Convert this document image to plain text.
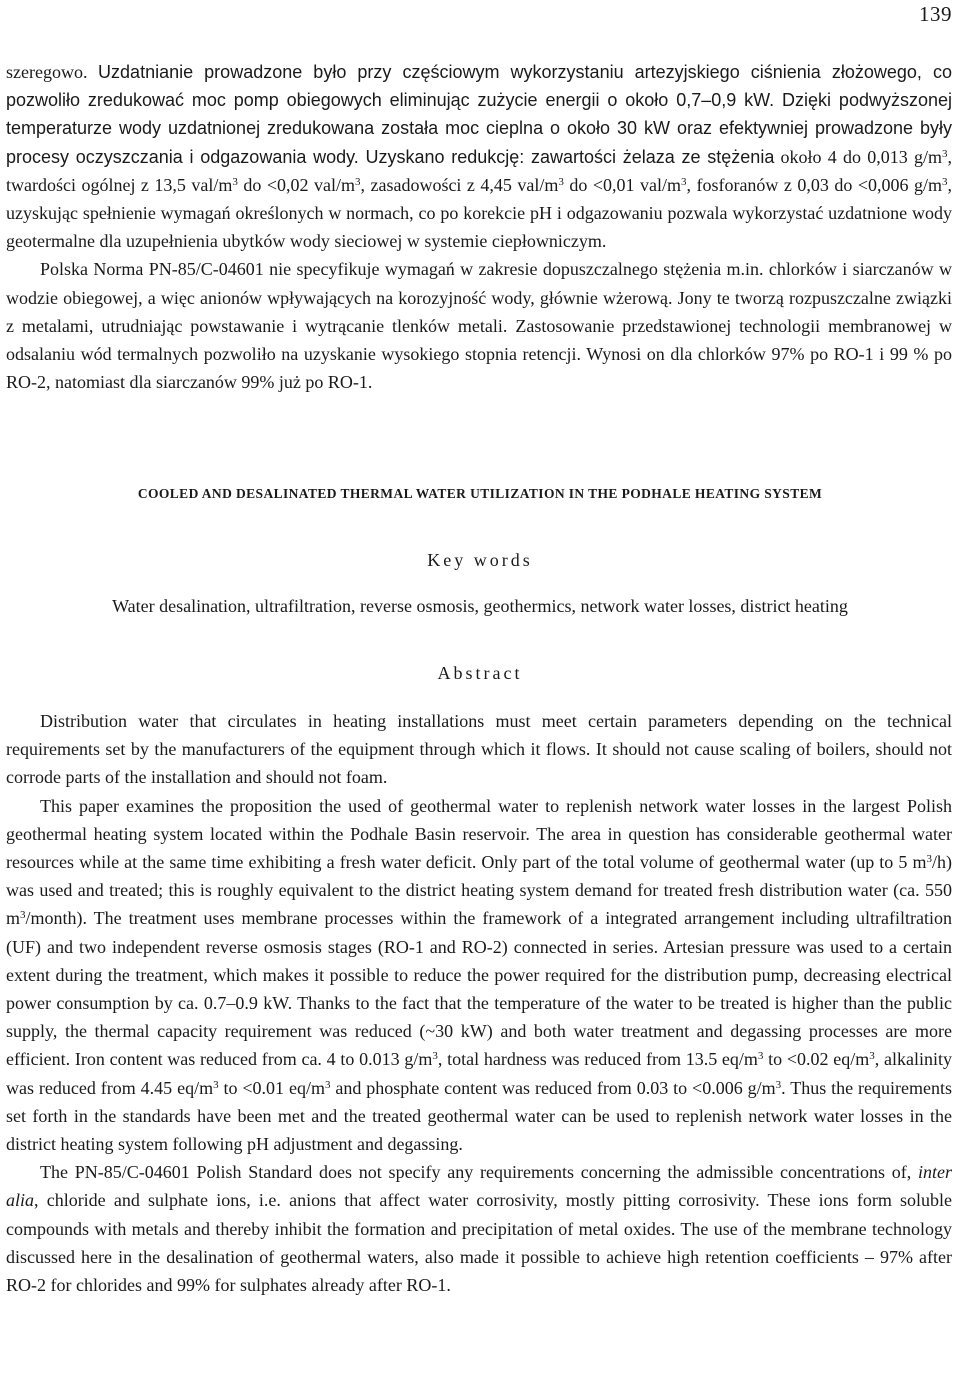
139

szeregowo. Uzdatnianie prowadzone było przy częściowym wykorzystaniu artezyjskiego ciśnienia złożowego, co pozwoliło zredukować moc pomp obiegowych eliminując zużycie energii o około 0,7–0,9 kW. Dzięki podwyższonej temperaturze wody uzdatnionej zredukowana została moc cieplna o około 30 kW oraz efektywniej prowadzone były procesy oczyszczania i odgazowania wody. Uzyskano redukcję: zawartości żelaza ze stężenia około 4 do 0,013 $g/m^3$, twardości ogólnej z 13,5 val/$m^3$ do <0,02 val/$m^3$, zasadowości z 4,45 val/$m^3$ do <0,01 val/$m^3$, fosforanów z 0,03 do <0,006 $g/m^3$, uzyskując spełnienie wymagań określonych w normach, co po korekcie pH i odgazowaniu pozwala wykorzystać uzdatnione wody geotermalne dla uzupełnienia ubytków wody sieciowej w systemie ciepłowniczym.

Polska Norma PN-85/C-04601 nie specyfikuje wymagań w zakresie dopuszczalnego stężenia m.in. chlorków i siarczanów w wodzie obiegowej, a więc anionów wpływających na korozyjność wody, głównie wżerową. Jony te tworzą rozpuszczalne związki z metalami, utrudniając powstawanie i wytrącanie tlenków metali. Zastosowanie przedstawionej technologii membranowej w odsalaniu wód termalnych pozwoliło na uzyskanie wysokiego stopnia retencji. Wynosi on dla chlorków 97% po RO-1 i 99 % po RO-2, natomiast dla siarczanów 99% już po RO-1.

COOLED AND DESALINATED THERMAL WATER UTILIZATION IN THE PODHALE HEATING SYSTEM
Key words
Water desalination, ultrafiltration, reverse osmosis, geothermics, network water losses, district heating
Abstract

Distribution water that circulates in heating installations must meet certain parameters depending on the technical requirements set by the manufacturers of the equipment through which it flows. It should not cause scaling of boilers, should not corrode parts of the installation and should not foam.

This paper examines the proposition the used of geothermal water to replenish network water losses in the largest Polish geothermal heating system located within the Podhale Basin reservoir. The area in question has considerable geothermal water resources while at the same time exhibiting a fresh water deficit. Only part of the total volume of geothermal water (up to 5 $m^3/h$) was used and treated; this is roughly equivalent to the district heating system demand for treated fresh distribution water (ca. 550 $m^3/month$). The treatment uses membrane processes within the framework of a integrated arrangement including ultrafiltration (UF) and two independent reverse osmosis stages (RO-1 and RO-2) connected in series. Artesian pressure was used to a certain extent during the treatment, which makes it possible to reduce the power required for the distribution pump, decreasing electrical power consumption by ca. 0.7–0.9 kW. Thanks to the fact that the temperature of the water to be treated is higher than the public supply, the thermal capacity requirement was reduced (~30 kW) and both water treatment and degassing processes are more efficient. Iron content was reduced from ca. 4 to 0.013 $g/m^3$, total hardness was reduced from 13.5 $eq/m^3$ to <0.02 $eq/m^3$, alkalinity was reduced from 4.45 $eq/m^3$ to <0.01 $eq/m^3$ and phosphate content was reduced from 0.03 to <0.006 $g/m^3$. Thus the requirements set forth in the standards have been met and the treated geothermal water can be used to replenish network water losses in the district heating system following pH adjustment and degassing.

The PN-85/C-04601 Polish Standard does not specify any requirements concerning the admissible concentrations of, inter alia, chloride and sulphate ions, i.e. anions that affect water corrosivity, mostly pitting corrosivity. These ions form soluble compounds with metals and thereby inhibit the formation and precipitation of metal oxides. The use of the membrane technology discussed here in the desalination of geothermal waters, also made it possible to achieve high retention coefficients – 97% after RO-2 for chlorides and 99% for sulphates already after RO-1.
